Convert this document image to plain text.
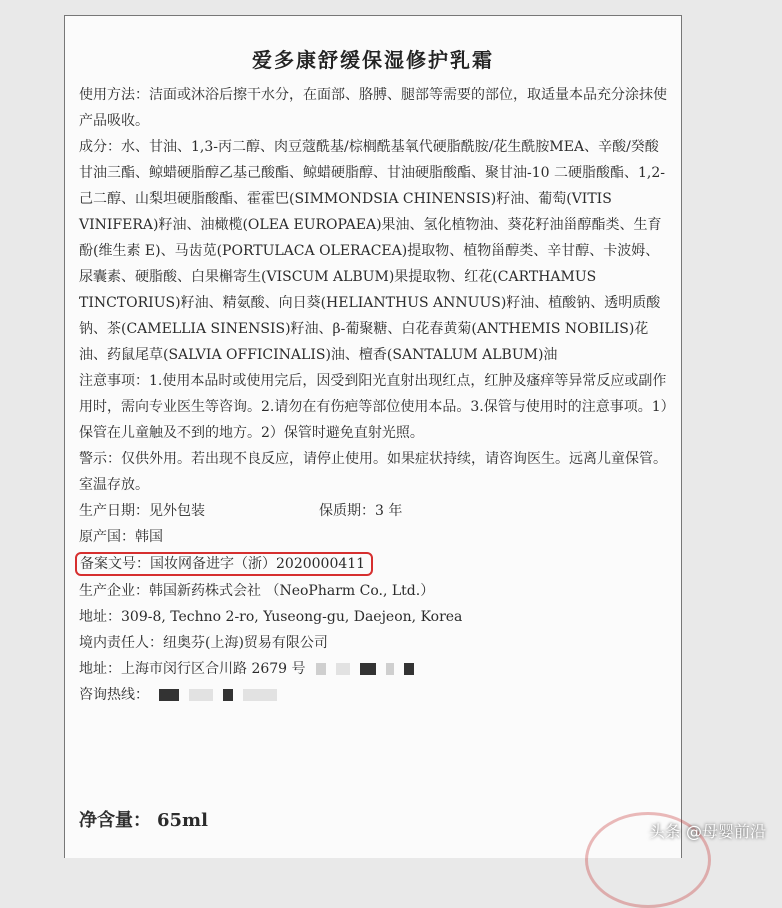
爱多康舒缓保湿修护乳霜

使用方法：洁面或沐浴后擦干水分，在面部、胳膊、腿部等需要的部位，取适量本品充分涂抹使产品吸收。

成分：水、甘油、1,3-丙二醇、肉豆蔻酰基/棕榈酰基氧代硬脂酰胺/花生酰胺MEA、辛酸/癸酸甘油三酯、鲸蜡硬脂醇乙基己酸酯、鲸蜡硬脂醇、甘油硬脂酸酯、聚甘油-10 二硬脂酸酯、1,2-己二醇、山梨坦硬脂酸酯、霍霍巴(SIMMONDSIA CHINENSIS)籽油、葡萄(VITIS VINIFERA)籽油、油橄榄(OLEA EUROPAEA)果油、氢化植物油、葵花籽油甾醇酯类、生育酚(维生素 E)、马齿苋(PORTULACA OLERACEA)提取物、植物甾醇类、辛甘醇、卡波姆、尿囊素、硬脂酸、白果槲寄生(VISCUM ALBUM)果提取物、红花(CARTHAMUS TINCTORIUS)籽油、精氨酸、向日葵(HELIANTHUS ANNUUS)籽油、植酸钠、透明质酸钠、茶(CAMELLIA SINENSIS)籽油、β-葡聚糖、白花春黄菊(ANTHEMIS NOBILIS)花油、药鼠尾草(SALVIA OFFICINALIS)油、檀香(SANTALUM ALBUM)油

注意事项：1.使用本品时或使用完后，因受到阳光直射出现红点，红肿及瘙痒等异常反应或副作用时，需向专业医生等咨询。2.请勿在有伤疤等部位使用本品。3.保管与使用时的注意事项。1）保管在儿童触及不到的地方。2）保管时避免直射光照。

警示：仅供外用。若出现不良反应，请停止使用。如果症状持续，请咨询医生。远离儿童保管。室温存放。

生产日期：见外包装	保质期：3 年

原产国：韩国

备案文号：国妆网备进字（浙）2020000411

生产企业：韩国新药株式会社 （NeoPharm Co., Ltd.）

地址：309-8, Techno 2-ro, Yuseong-gu, Daejeon, Korea

境内责任人：纽奥芬(上海)贸易有限公司

地址：上海市闵行区合川路 2679 号

咨询热线：

净含量： 65ml
头条 @母婴前沿
